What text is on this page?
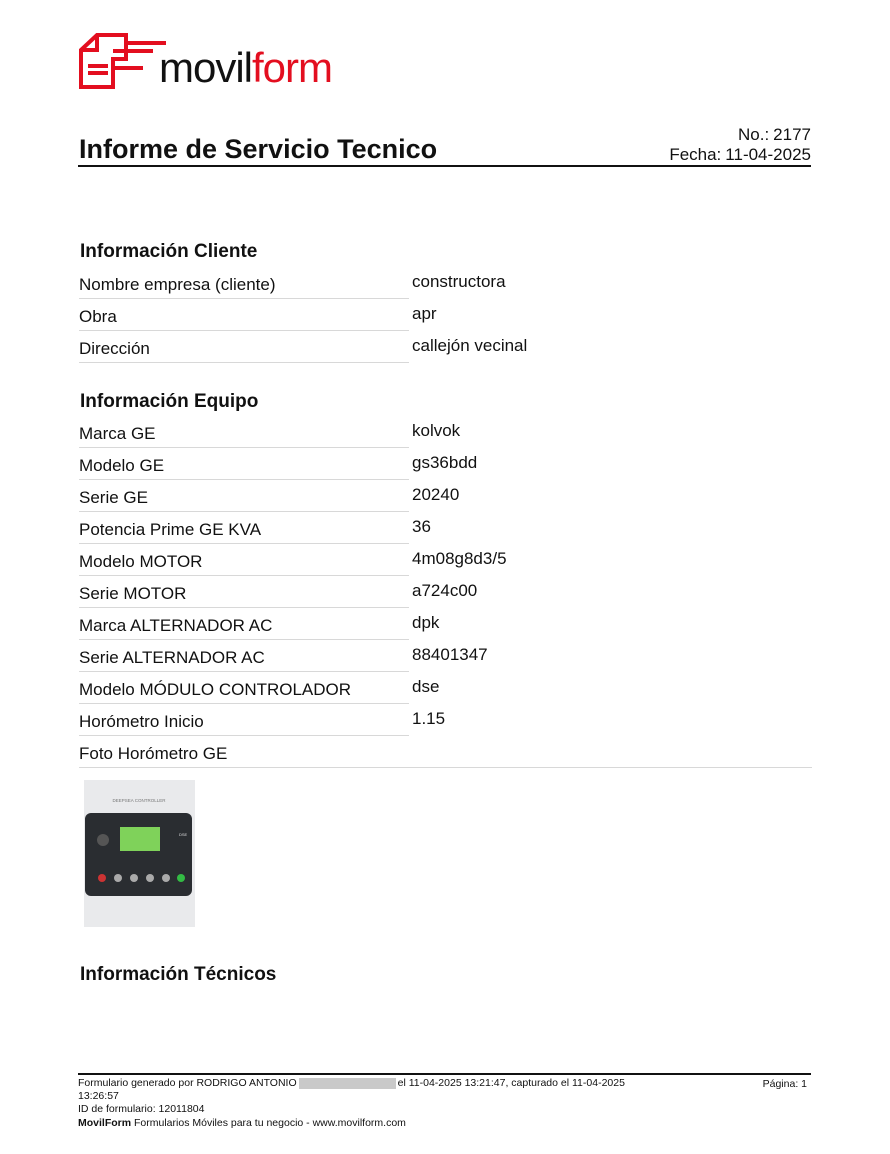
movilform
Informe de Servicio Tecnico	No.: 2177
Fecha: 11-04-2025
Información Cliente
Nombre empresa (cliente)	constructora
Obra	apr
Dirección	callejón vecinal
Información Equipo
Marca GE	kolvok
Modelo GE	gs36bdd
Serie GE	20240
Potencia Prime GE KVA	36
Modelo MOTOR	4m08g8d3/5
Serie MOTOR	a724c00
Marca ALTERNADOR AC	dpk
Serie ALTERNADOR AC	88401347
Modelo MÓDULO CONTROLADOR	dse
Horómetro Inicio	1.15
Foto Horómetro GE
DEEPSEA CONTROLLER
DSE
Información Técnicos
Formulario generado por RODRIGO ANTONIO	el 11-04-2025 13:21:47, capturado el 11-04-2025
13:26:57
ID de formulario: 12011804
MovilForm Formularios Móviles para tu negocio - www.movilform.com
Página: 1
